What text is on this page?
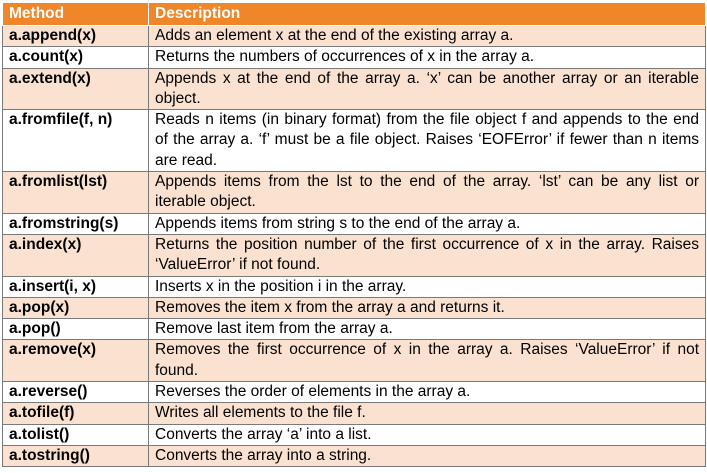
Method	Description
a.append(x)	Adds an element x at the end of the existing array a.
a.count(x)	Returns the numbers of occurrences of x in the array a.
a.extend(x)	Appends x at the end of the array a. ‘x’ can be another array or an iterable object.
a.fromfile(f, n)	Reads n items (in binary format) from the file object f and appends to the end of the array a. ‘f’ must be a file object. Raises ‘EOFError’ if fewer than n items are read.
a.fromlist(lst)	Appends items from the lst to the end of the array. ‘lst’ can be any list or iterable object.
a.fromstring(s)	Appends items from string s to the end of the array a.
a.index(x)	Returns the position number of the first occurrence of x in the array. Raises ‘ValueError’ if not found.
a.insert(i, x)	Inserts x in the position i in the array.
a.pop(x)	Removes the item x from the array a and returns it.
a.pop()	Remove last item from the array a.
a.remove(x)	Removes the first occurrence of x in the array a. Raises ‘ValueError’ if not found.
a.reverse()	Reverses the order of elements in the array a.
a.tofile(f)	Writes all elements to the file f.
a.tolist()	Converts the array ‘a’ into a list.
a.tostring()	Converts the array into a string.
